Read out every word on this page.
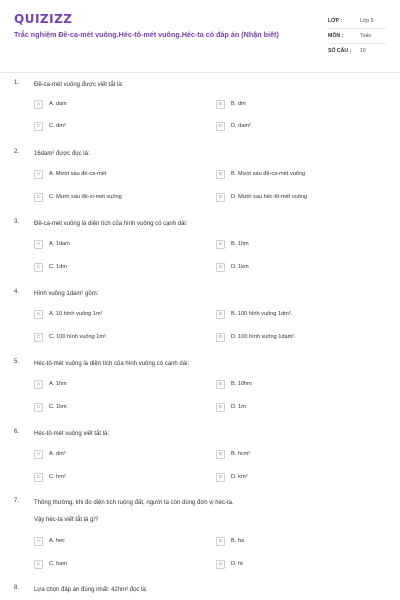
QUIZIZZ
Trắc nghiệm Đề-ca-mét vuông.Héc-tô-mét vuông.Héc-ta có đáp án (Nhận biết)
LỚP :	Lớp 5
MÔN :	Toán
SỐ CÂU :	10
1. Đề-ca-mét vuông được viết tắt là:
A	A. dam	B	B. dm
C	C. dm²	D	D. dam²
2. 16dam² được đọc là:
A	A. Mười sáu đề-ca-mét	B	B. Mười sáu đề-ca-mét vuông
C	C. Mười sáu đề-xi-mét vuông	D	D. Mười sau héc-tô-mét vuông
3. Đề-ca-mét vuông là diện tích của hình vuông có cạnh dài:
A	A. 1dam	B	B. 1hm
C	C. 1dm	D	D. 1km
4. Hình vuông 1dam² gồm:
A	A. 10 hình vuông 1m²	B	B. 100 hình vuông 1dm².
C	C. 100 hình vuông 1m².	D	D. 100 hình vuông 1dam².
5. Héc-tô-mét vuông là diện tích của hình vuông có cạnh dài:
A	A. 1hm	B	B. 10hm
C	C. 1km	D	D. 1m
6. Héc-tô-mét vuông viết tắt là:
A	A. dm²	B	B. hcm²
C	C. hm²	D	D. km²
7. Thông thường, khi đo diện tích ruộng đất, người ta còn dùng đơn vị héc-ta.
Vậy héc-ta viết tắt là gì?
A	A. hec	B	B. ha
C	C. ham	D	D. ht
8. Lựa chọn đáp án đúng nhất: 42hm² đọc là:
